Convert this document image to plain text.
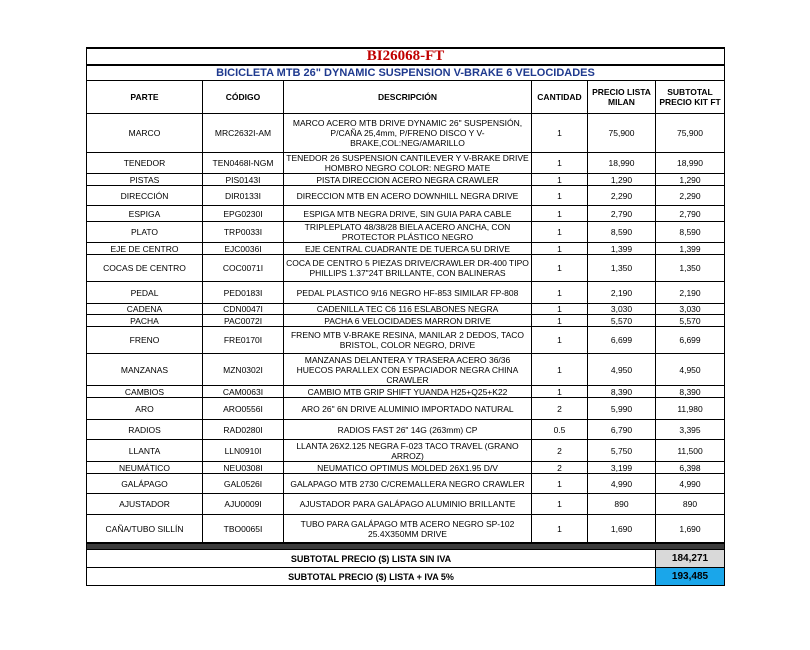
BI26068-FT					
BICICLETA MTB 26" DYNAMIC SUSPENSION V-BRAKE 6 VELOCIDADES					
PARTE	CÓDIGO	DESCRIPCIÓN	CANTIDAD	PRECIO LISTA MILAN	SUBTOTAL PRECIO KIT FT
MARCO	MRC2632I-AM	MARCO ACERO MTB DRIVE DYNAMIC 26" SUSPENSIÓN, P/CAÑA 25,4mm, P/FRENO DISCO Y V-BRAKE,COL:NEG/AMARILLO	1	75,900	75,900
TENEDOR	TEN0468I-NGM	TENEDOR 26 SUSPENSION CANTILEVER Y V-BRAKE DRIVE HOMBRO NEGRO COLOR: NEGRO MATE	1	18,990	18,990
PISTAS	PIS0143I	PISTA DIRECCION ACERO NEGRA CRAWLER	1	1,290	1,290
DIRECCIÓN	DIR0133I	DIRECCION MTB EN ACERO DOWNHILL NEGRA DRIVE	1	2,290	2,290
ESPIGA	EPG0230I	ESPIGA MTB NEGRA DRIVE, SIN GUIA PARA CABLE	1	2,790	2,790
PLATO	TRP0033I	TRIPLEPLATO 48/38/28 BIELA ACERO ANCHA, CON PROTECTOR PLÁSTICO NEGRO	1	8,590	8,590
EJE DE CENTRO	EJC0036I	EJE CENTRAL CUADRANTE DE TUERCA 5U DRIVE	1	1,399	1,399
COCAS DE CENTRO	COC0071I	COCA DE CENTRO 5 PIEZAS DRIVE/CRAWLER DR-400 TIPO PHILLIPS 1.37"24T BRILLANTE, CON BALINERAS	1	1,350	1,350
PEDAL	PED0183I	PEDAL PLASTICO 9/16 NEGRO HF-853 SIMILAR FP-808	1	2,190	2,190
CADENA	CDN0047I	CADENILLA TEC C6 116 ESLABONES NEGRA	1	3,030	3,030
PACHA	PAC0072I	PACHA 6 VELOCIDADES MARRON DRIVE	1	5,570	5,570
FRENO	FRE0170I	FRENO MTB V-BRAKE RESINA, MANILAR 2 DEDOS, TACO BRISTOL, COLOR NEGRO, DRIVE	1	6,699	6,699
MANZANAS	MZN0302I	MANZANAS DELANTERA Y TRASERA ACERO 36/36 HUECOS PARALLEX CON ESPACIADOR NEGRA CHINA CRAWLER	1	4,950	4,950
CAMBIOS	CAM0063I	CAMBIO MTB GRIP SHIFT YUANDA H25+Q25+K22	1	8,390	8,390
ARO	ARO0556I	ARO 26" 6N DRIVE ALUMINIO IMPORTADO NATURAL	2	5,990	11,980
RADIOS	RAD0280I	RADIOS FAST 26" 14G (263mm) CP	0.5	6,790	3,395
LLANTA	LLN0910I	LLANTA 26X2.125 NEGRA F-023 TACO TRAVEL (GRANO ARROZ)	2	5,750	11,500
NEUMÁTICO	NEU0308I	NEUMATICO OPTIMUS MOLDED 26X1.95 D/V	2	3,199	6,398
GALÁPAGO	GAL0526I	GALAPAGO MTB 2730 C/CREMALLERA NEGRO CRAWLER	1	4,990	4,990
AJUSTADOR	AJU0009I	AJUSTADOR PARA GALÁPAGO ALUMINIO BRILLANTE	1	890	890
CAÑA/TUBO SILLÍN	TBO0065I	TUBO PARA GALÁPAGO MTB ACERO NEGRO SP-102 25.4X350MM DRIVE	1	1,690	1,690

SUBTOTAL PRECIO ($) LISTA SIN IVA	184,271
SUBTOTAL PRECIO ($) LISTA + IVA 5%	193,485
